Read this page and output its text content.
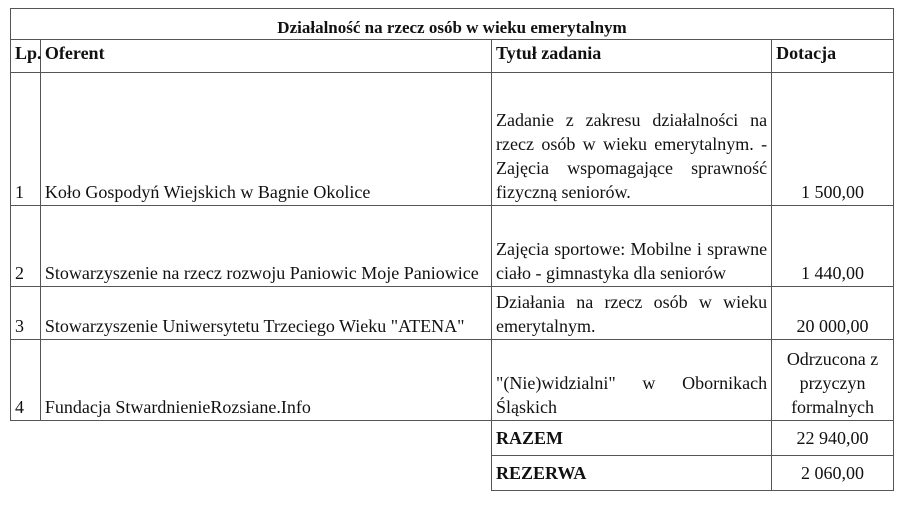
Działalność na rzecz osób w wieku emerytalnym			
Lp.	Oferent	Tytuł zadania	Dotacja
1	Koło Gospodyń Wiejskich w Bagnie Okolice	Zadanie z zakresu działalności na rzecz osób w wieku emerytalnym. - Zajęcia wspomagające sprawność fizyczną seniorów.	1 500,00
2	Stowarzyszenie na rzecz rozwoju Paniowic Moje Paniowice	Zajęcia sportowe: Mobilne i sprawne ciało - gimnastyka dla seniorów	1 440,00
3	Stowarzyszenie Uniwersytetu Trzeciego Wieku "ATENA"	Działania na rzecz osób w wieku emerytalnym.	20 000,00
4	Fundacja StwardnienieRozsiane.Info	"(Nie)widzialni" w Obornikach Śląskich	Odrzucona z przyczyn formalnych
		RAZEM	22 940,00
		REZERWA	2 060,00
